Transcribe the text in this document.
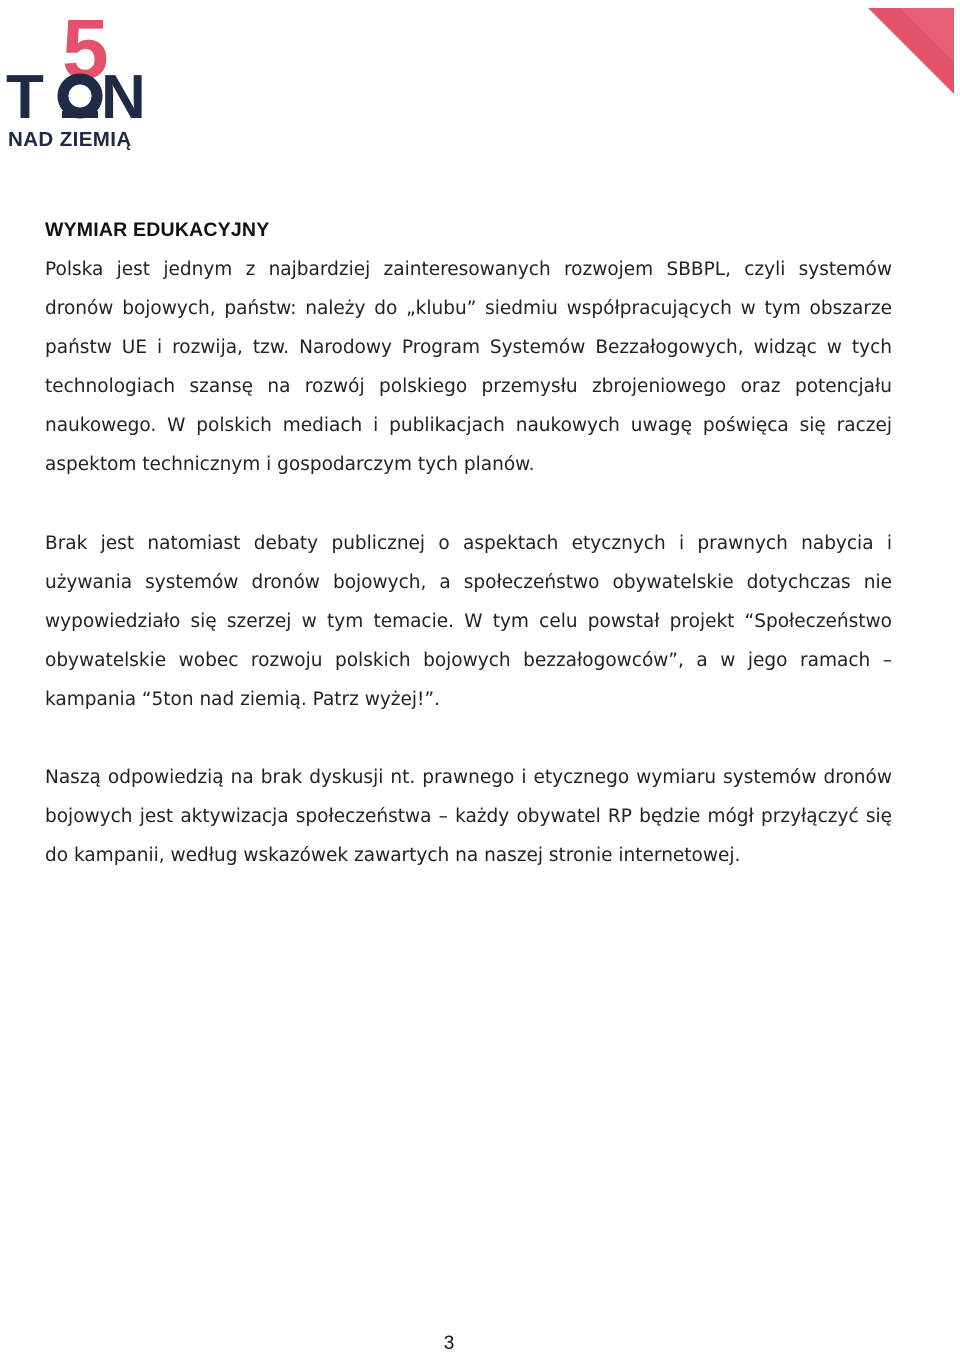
5
T N
NAD ZIEMIĄ
WYMIAR EDUKACYJNY

Polska jest jednym z najbardziej zainteresowanych rozwojem SBBPL, czyli systemów dronów bojowych, państw: należy do „klubu” siedmiu współpracujących w tym obszarze państw UE i rozwija, tzw. Narodowy Program Systemów Bezzałogowych, widząc w tych technologiach szansę na rozwój polskiego przemysłu zbrojeniowego oraz potencjału naukowego. W polskich mediach i publikacjach naukowych uwagę poświęca się raczej aspektom technicznym i gospodarczym tych planów.

Brak jest natomiast debaty publicznej o aspektach etycznych i prawnych nabycia i używania systemów dronów bojowych, a społeczeństwo obywatelskie dotychczas nie wypowiedziało się szerzej w tym temacie. W tym celu powstał projekt “Społeczeństwo obywatelskie wobec rozwoju polskich bojowych bezzałogowców”, a w jego ramach – kampania “5ton nad ziemią. Patrz wyżej!”.

Naszą odpowiedzią na brak dyskusji nt. prawnego i etycznego wymiaru systemów dronów bojowych jest aktywizacja społeczeństwa – każdy obywatel RP będzie mógł przyłączyć się do kampanii, według wskazówek zawartych na naszej stronie internetowej.

3
